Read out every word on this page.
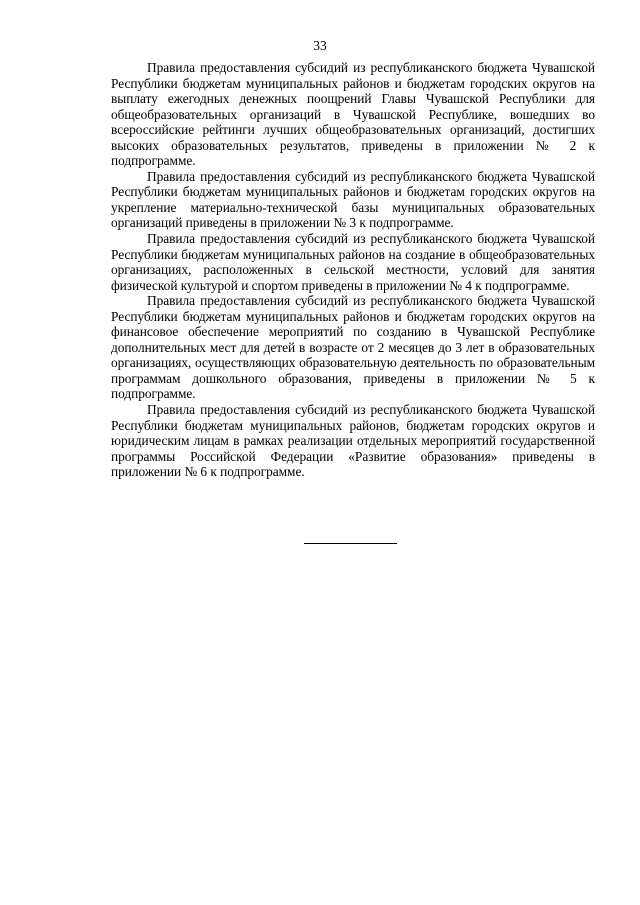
33

Правила предоставления субсидий из республиканского бюджета Чувашской Республики бюджетам муниципальных районов и бюджетам городских округов на выплату ежегодных денежных поощрений Главы Чувашской Республики для общеобразовательных организаций в Чувашской Республике, вошедших во всероссийские рейтинги лучших общеобразовательных организаций, достигших высоких образовательных результатов, приведены в приложении № 2 к подпрограмме.

Правила предоставления субсидий из республиканского бюджета Чувашской Республики бюджетам муниципальных районов и бюджетам городских округов на укрепление материально-технической базы муниципальных образовательных организаций приведены в приложении № 3 к подпрограмме.

Правила предоставления субсидий из республиканского бюджета Чувашской Республики бюджетам муниципальных районов на создание в общеобразовательных организациях, расположенных в сельской местности, условий для занятия физической культурой и спортом приведены в приложении № 4 к подпрограмме.

Правила предоставления субсидий из республиканского бюджета Чувашской Республики бюджетам муниципальных районов и бюджетам городских округов на финансовое обеспечение мероприятий по созданию в Чувашской Республике дополнительных мест для детей в возрасте от 2 месяцев до 3 лет в образовательных организациях, осуществляющих образовательную деятельность по образовательным программам дошкольного образования, приведены в приложении № 5 к подпрограмме.

Правила предоставления субсидий из республиканского бюджета Чувашской Республики бюджетам муниципальных районов, бюджетам городских округов и юридическим лицам в рамках реализации отдельных мероприятий государственной программы Российской Федерации «Развитие образования» приведены в приложении № 6 к подпрограмме.
